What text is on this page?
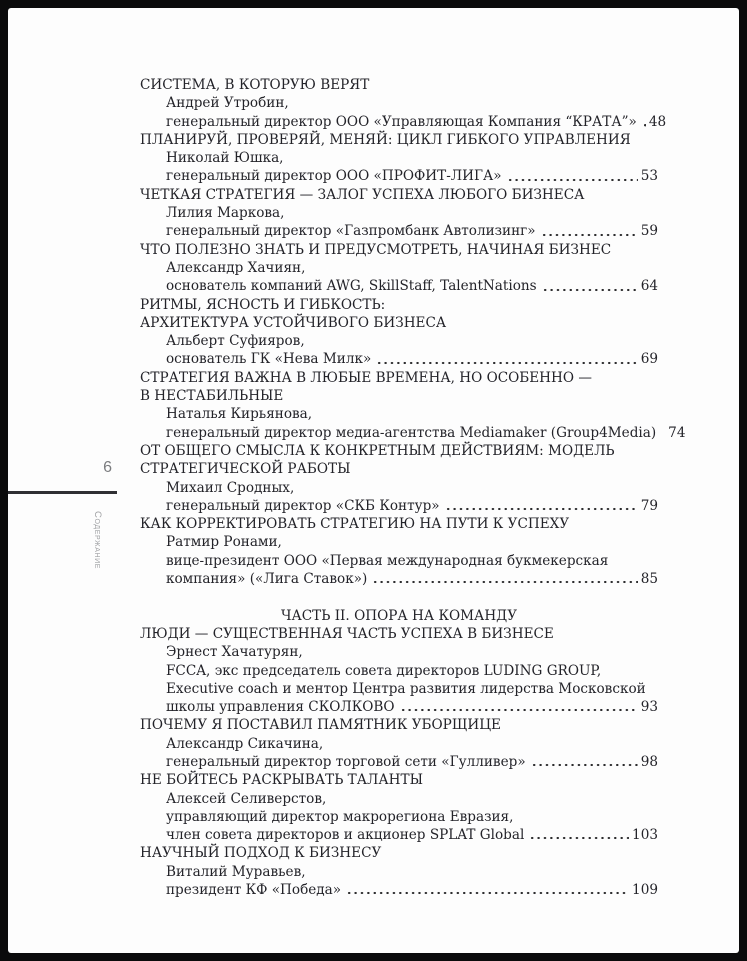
6
Содержание
СИСТЕМА, В КОТОРУЮ ВЕРЯТ
Андрей Утробин,
генеральный директор ООО «Управляющая Компания “КРАТА”» 48
ПЛАНИРУЙ, ПРОВЕРЯЙ, МЕНЯЙ: ЦИКЛ ГИБКОГО УПРАВЛЕНИЯ
Николай Юшка,
генеральный директор ООО «ПРОФИТ-ЛИГА»	53
ЧЕТКАЯ СТРАТЕГИЯ — ЗАЛОГ УСПЕХА ЛЮБОГО БИЗНЕСА
Лилия Маркова,
генеральный директор «Газпромбанк Автолизинг»	59
ЧТО ПОЛЕЗНО ЗНАТЬ И ПРЕДУСМОТРЕТЬ, НАЧИНАЯ БИЗНЕС
Александр Хачиян,
основатель компаний AWG, SkillStaff, TalentNations	64
РИТМЫ, ЯСНОСТЬ И ГИБКОСТЬ:
АРХИТЕКТУРА УСТОЙЧИВОГО БИЗНЕСА
Альберт Суфияров,
основатель ГК «Нева Милк»	69
СТРАТЕГИЯ ВАЖНА В ЛЮБЫЕ ВРЕМЕНА, НО ОСОБЕННО —
В НЕСТАБИЛЬНЫЕ
Наталья Кирьянова,
генеральный директор медиа-агентства Mediamaker (Group4Media) 74
ОТ ОБЩЕГО СМЫСЛА К КОНКРЕТНЫМ ДЕЙСТВИЯМ: МОДЕЛЬ
СТРАТЕГИЧЕСКОЙ РАБОТЫ
Михаил Сродных,
генеральный директор «СКБ Контур»	79
КАК КОРРЕКТИРОВАТЬ СТРАТЕГИЮ НА ПУТИ К УСПЕХУ
Ратмир Ронами,
вице-президент ООО «Первая международная букмекерская
компания» («Лига Ставок»)	85
ЧАСТЬ II. ОПОРА НА КОМАНДУ
ЛЮДИ — СУЩЕСТВЕННАЯ ЧАСТЬ УСПЕХА В БИЗНЕСЕ
Эрнест Хачатурян,
FCCA, экс председатель совета директоров LUDING GROUP,
Executive coach и ментор Центра развития лидерства Московской
школы управления СКОЛКОВО	93
ПОЧЕМУ Я ПОСТАВИЛ ПАМЯТНИК УБОРЩИЦЕ
Александр Сикачина,
генеральный директор торговой сети «Гулливер»	98
НЕ БОЙТЕСЬ РАСКРЫВАТЬ ТАЛАНТЫ
Алексей Селиверстов,
управляющий директор макрорегиона Евразия,
член совета директоров и акционер SPLAT Global	103
НАУЧНЫЙ ПОДХОД К БИЗНЕСУ
Виталий Муравьев,
президент КФ «Победа»	109
